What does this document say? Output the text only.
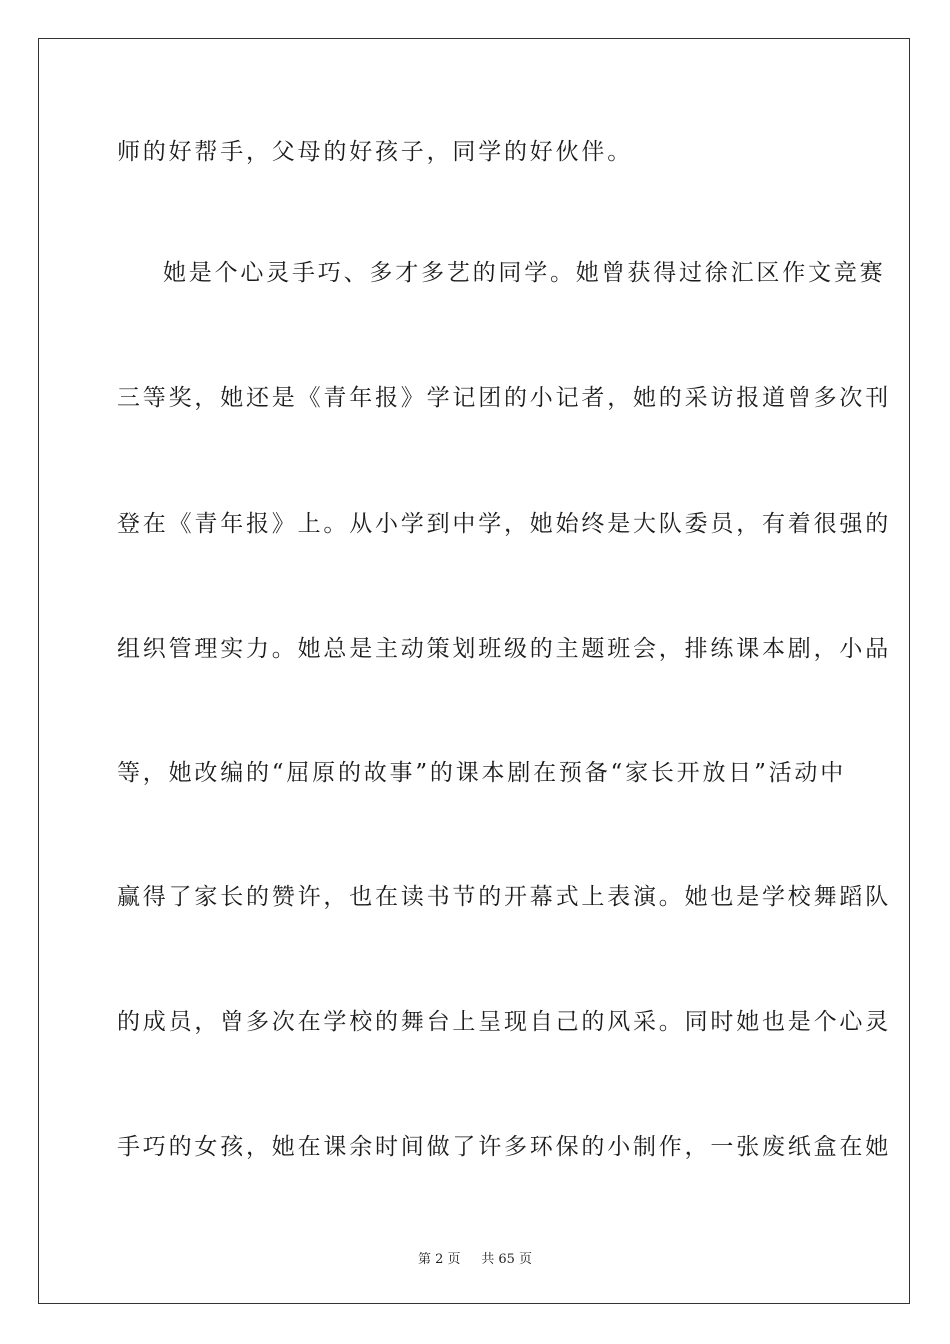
师的好帮手，父母的好孩子，同学的好伙伴。
她是个心灵手巧、多才多艺的同学。她曾获得过徐汇区作文竞赛
三等奖，她还是《青年报》学记团的小记者，她的采访报道曾多次刊
登在《青年报》上。从小学到中学，她始终是大队委员，有着很强的
组织管理实力。她总是主动策划班级的主题班会，排练课本剧，小品
等，她改编的“屈原的故事”的课本剧在预备“家长开放日”活动中
赢得了家长的赞许，也在读书节的开幕式上表演。她也是学校舞蹈队
的成员，曾多次在学校的舞台上呈现自己的风采。同时她也是个心灵
手巧的女孩，她在课余时间做了许多环保的小制作，一张废纸盒在她
第 2 页 共 65 页
